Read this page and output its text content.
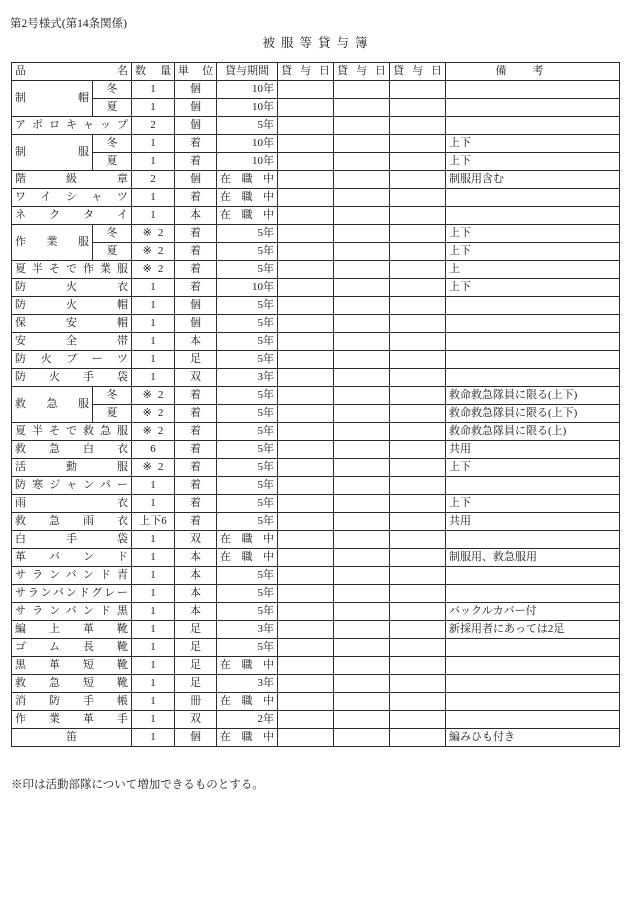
第2号様式(第14条関係)
被服等貸与簿
品　名		数量	単位	貸与期間	貸与日	貸与日	貸与日	備考

制帽	冬	1	個	10年				
	夏	1	個	10年				

アポロキャップ		2	個	5年				

制服	冬	1	着	10年				上下
	夏	1	着	10年				上下

階級章		2	個	在職中				制服用含む

ワイシャツ		1	着	在職中				

ネクタイ		1	本	在職中				

作業服	冬	※ 2	着	5年				上下
	夏	※ 2	着	5年				上下

夏半そで作業服		※ 2	着	5年				上

防火衣		1	着	10年				上下

防火帽		1	個	5年				

保安帽		1	個	5年				

安全帯		1	本	5年				

防火ブーツ		1	足	5年				

防火手袋		1	双	3年				

救急服	冬	※ 2	着	5年				救命救急隊員に限る(上下)
	夏	※ 2	着	5年				救命救急隊員に限る(上下)

夏半そで救急服		※ 2	着	5年				救命救急隊員に限る(上)

救急白衣		6	着	5年				共用

活動服		※ 2	着	5年				上下

防寒ジャンパー		1	着	5年				

雨衣		1	着	5年				上下

救急雨衣		上下6	着	5年				共用

白手袋		1	双	在職中				

革バンド		1	本	在職中				制服用、救急服用

サランバンド青		1	本	5年				

サランバンドグレー		1	本	5年				

サランバンド黒		1	本	5年				バックルカバー付

編上革靴		1	足	3年				新採用者にあっては2足

ゴム長靴		1	足	5年				

黒革短靴		1	足	在職中				

救急短靴		1	足	3年				

消防手帳		1	冊	在職中				

作業革手		1	双	2年				

笛		1	個	在職中				編みひも付き
※印は活動部隊について増加できるものとする。
